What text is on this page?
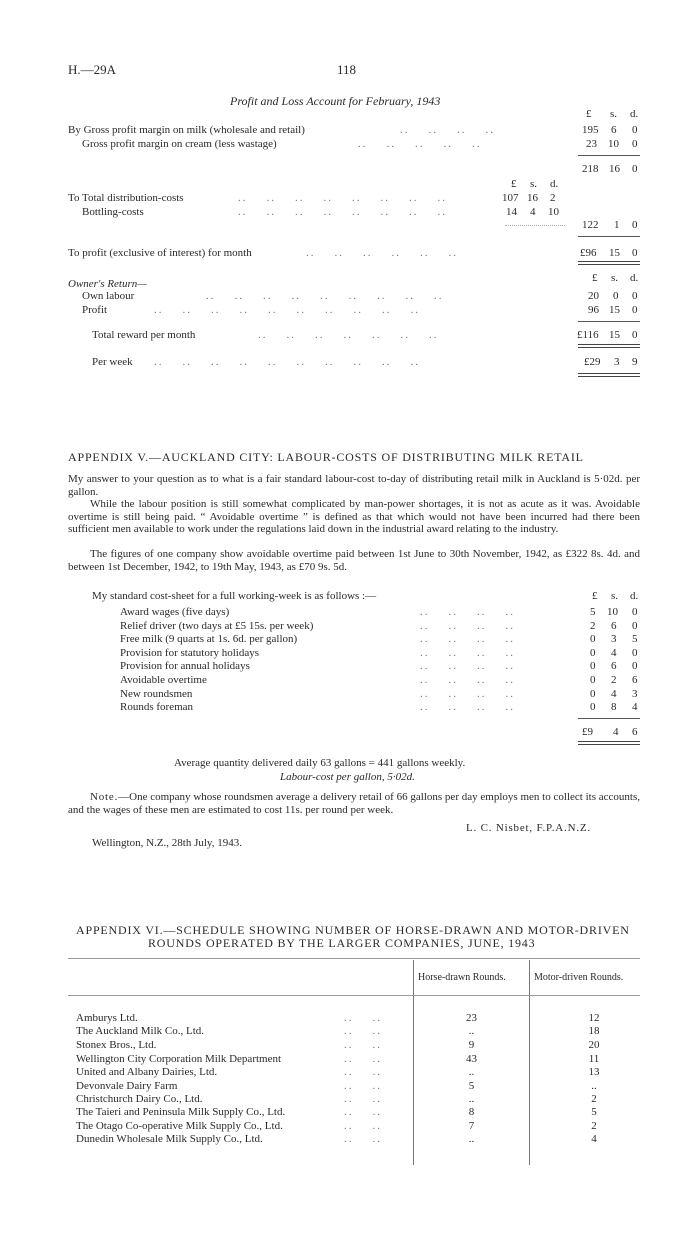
H.—29A	118
Profit and Loss Account for February, 1943
£ s. d.
By Gross profit margin on milk (wholesale and retail)	..    ..    ..    ..	195 6 0
Gross profit margin on cream (less wastage)	..    ..    ..    ..    ..	23 10 0
218 16 0
£ s. d.
To Total distribution-costs	..    ..    ..    ..    ..    ..    ..    ..	107 16 2
Bottling-costs	..    ..    ..    ..    ..    ..    ..    ..	14 4 10
122 1 0
To profit (exclusive of interest) for month	..    ..    ..    ..    ..    ..	£96 15 0
Owner's Return—	£ s. d.
Own labour	..    ..    ..    ..    ..    ..    ..    ..    ..	20 0 0
Profit	..    ..    ..    ..    ..    ..    ..    ..    ..    ..	96 15 0
Total reward per month	..    ..    ..    ..    ..    ..    ..	£116 15 0
Per week ..    ..    ..    ..    ..    ..    ..    ..    ..    ..	£29 3 9
APPENDIX V.—AUCKLAND CITY: LABOUR-COSTS OF DISTRIBUTING MILK RETAIL
My answer to your question as to what is a fair standard labour-cost to-day of distributing retail milk in Auckland is 5·02d. per gallon.
While the labour position is still somewhat complicated by man-power shortages, it is not as acute as it was. Avoidable overtime is still being paid. “ Avoidable overtime ” is defined as that which would not have been incurred had there been sufficient men available to work under the regulations laid down in the industrial award relating to the industry.
The figures of one company show avoidable overtime paid between 1st June to 30th November, 1942, as £322 8s. 4d. and between 1st December, 1942, to 19th May, 1943, as £70 9s. 5d.
My standard cost-sheet for a full working-week is as follows :—	£ s. d.
Award wages (five days)	..    ..    ..    ..	5 10 0
Relief driver (two days at £5 15s. per week)	..    ..    ..    ..	2 6 0
Free milk (9 quarts at 1s. 6d. per gallon)	..    ..    ..    ..	0 3 5
Provision for statutory holidays	..    ..    ..    ..	0 4 0
Provision for annual holidays	..    ..    ..    ..	0 6 0
Avoidable overtime	..    ..    ..    ..	0 2 6
New roundsmen	..    ..    ..    ..	0 4 3
Rounds foreman	..    ..    ..    ..	0 8 4
£9 4 6
Average quantity delivered daily 63 gallons = 441 gallons weekly.
Labour-cost per gallon, 5·02d.
Note.—One company whose roundsmen average a delivery retail of 66 gallons per day employs men to collect its accounts, and the wages of these men are estimated to cost 11s. per round per week.
L. C. Nisbet, F.P.A.N.Z.
Wellington, N.Z., 28th July, 1943.
APPENDIX VI.—SCHEDULE SHOWING NUMBER OF HORSE-DRAWN AND MOTOR-DRIVEN
ROUNDS OPERATED BY THE LARGER COMPANIES, JUNE, 1943
Horse-drawn Rounds.	Motor-driven Rounds.
Amburys Ltd.	..    ..	23	12
The Auckland Milk Co., Ltd.	..    ..	..	18
Stonex Bros., Ltd.	..    ..	9	20
Wellington City Corporation Milk Department	..    ..	43	11
United and Albany Dairies, Ltd.	..    ..	..	13
Devonvale Dairy Farm	..    ..	5	..
Christchurch Dairy Co., Ltd.	..    ..	..	2
The Taieri and Peninsula Milk Supply Co., Ltd.	..    ..	8	5
The Otago Co-operative Milk Supply Co., Ltd.	..    ..	7	2
Dunedin Wholesale Milk Supply Co., Ltd.	..    ..	..	4
